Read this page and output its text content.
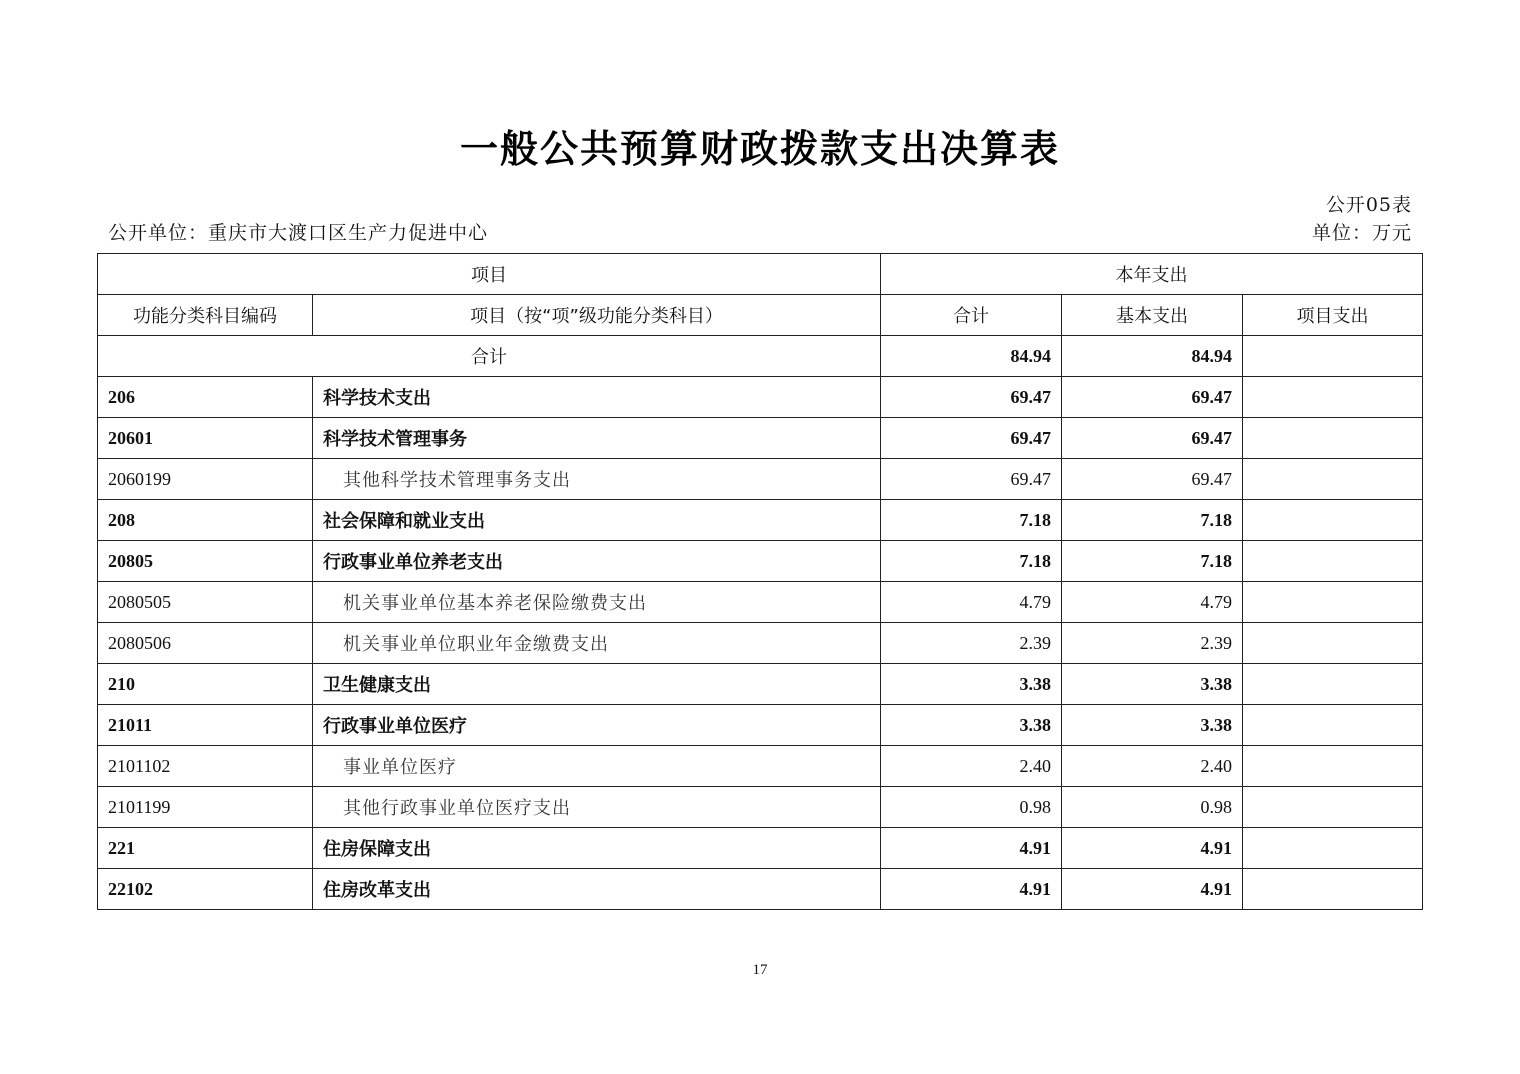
一般公共预算财政拨款支出决算表
公开05表
公开单位：重庆市大渡口区生产力促进中心	单位：万元
项目		本年支出		
功能分类科目编码	项目（按“项”级功能分类科目）	合计	基本支出	项目支出
合计		84.94	84.94	
206	科学技术支出	69.47	69.47	
20601	科学技术管理事务	69.47	69.47	
2060199	其他科学技术管理事务支出	69.47	69.47	
208	社会保障和就业支出	7.18	7.18	
20805	行政事业单位养老支出	7.18	7.18	
2080505	机关事业单位基本养老保险缴费支出	4.79	4.79	
2080506	机关事业单位职业年金缴费支出	2.39	2.39	
210	卫生健康支出	3.38	3.38	
21011	行政事业单位医疗	3.38	3.38	
2101102	事业单位医疗	2.40	2.40	
2101199	其他行政事业单位医疗支出	0.98	0.98	
221	住房保障支出	4.91	4.91	
22102	住房改革支出	4.91	4.91	
17
